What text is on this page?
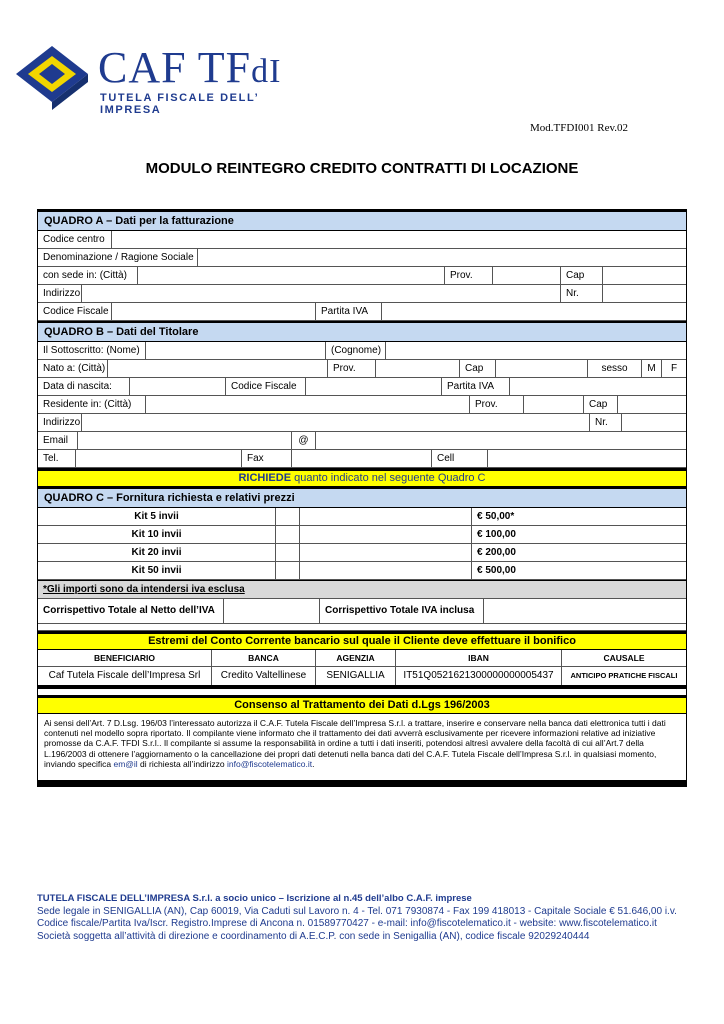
CAF TFdI
TUTELA FISCALE DELL’ IMPRESA
Mod.TFDI001 Rev.02
MODULO REINTEGRO CREDITO CONTRATTI DI LOCAZIONE
QUADRO A – Dati per la fatturazione
Codice centro
Denominazione / Ragione Sociale
con sede in: (Città)	Prov.	Cap
Indirizzo	Nr.
Codice Fiscale	Partita IVA
QUADRO B – Dati del Titolare
Il Sottoscritto: (Nome)	(Cognome)
Nato a: (Città)	Prov.	Cap	sesso	M	F
Data di nascita:	Codice Fiscale	Partita IVA
Residente in: (Città)	Prov.	Cap
Indirizzo	Nr.
Email	@
Tel.	Fax	Cell
RICHIEDE quanto indicato nel seguente Quadro C
QUADRO C – Fornitura richiesta e relativi prezzi
Kit 5 invii	€ 50,00*
Kit 10 invii	€ 100,00
Kit 20 invii	€ 200,00
Kit 50 invii	€ 500,00
*Gli importi sono da intendersi iva esclusa
Corrispettivo Totale al Netto dell’IVA	Corrispettivo Totale IVA inclusa
Estremi del Conto Corrente bancario sul quale il Cliente deve effettuare il bonifico
BENEFICIARIO	BANCA	AGENZIA	IBAN	CAUSALE
Caf Tutela Fiscale dell’Impresa Srl	Credito Valtellinese	SENIGALLIA	IT51Q0521621300000000005437	ANTICIPO PRATICHE FISCALI
Consenso al Trattamento dei Dati d.Lgs 196/2003
Ai sensi dell’Art. 7 D.Lsg. 196/03 l’interessato autorizza il C.A.F. Tutela Fiscale dell’Impresa S.r.l. a trattare, inserire e conservare nella banca dati elettronica tutti i dati contenuti nel modello sopra riportato. Il compilante viene informato che il trattamento dei dati avverrà esclusivamente per ricevere informazioni relative ad iniziative promosse da C.A.F. TFDI S.r.l.. Il compilante si assume la responsabilità in ordine a tutti i dati inseriti, potendosi altresì avvalere della facoltà di cui all’Art.7 della L.196/2003 di ottenere l’aggiornamento o la cancellazione dei propri dati detenuti nella banca dati del C.A.F. Tutela Fiscale dell’Impresa S.r.l. in qualsiasi momento, inviando specifica em@il di richiesta all’indirizzo info@fiscotelematico.it.
TUTELA FISCALE DELL’IMPRESA S.r.l. a socio unico – Iscrizione al n.45 dell’albo C.A.F. imprese
Sede legale in SENIGALLIA (AN), Cap 60019, Via Caduti sul Lavoro n. 4 - Tel. 071 7930874 - Fax 199 418013 - Capitale Sociale € 51.646,00 i.v.
Codice fiscale/Partita Iva/Iscr. Registro.Imprese di Ancona n. 01589770427 - e-mail: info@fiscotelematico.it - website: www.fiscotelematico.it
Società soggetta all’attività di direzione e coordinamento di A.E.C.P. con sede in Senigallia (AN), codice fiscale 92029240444
